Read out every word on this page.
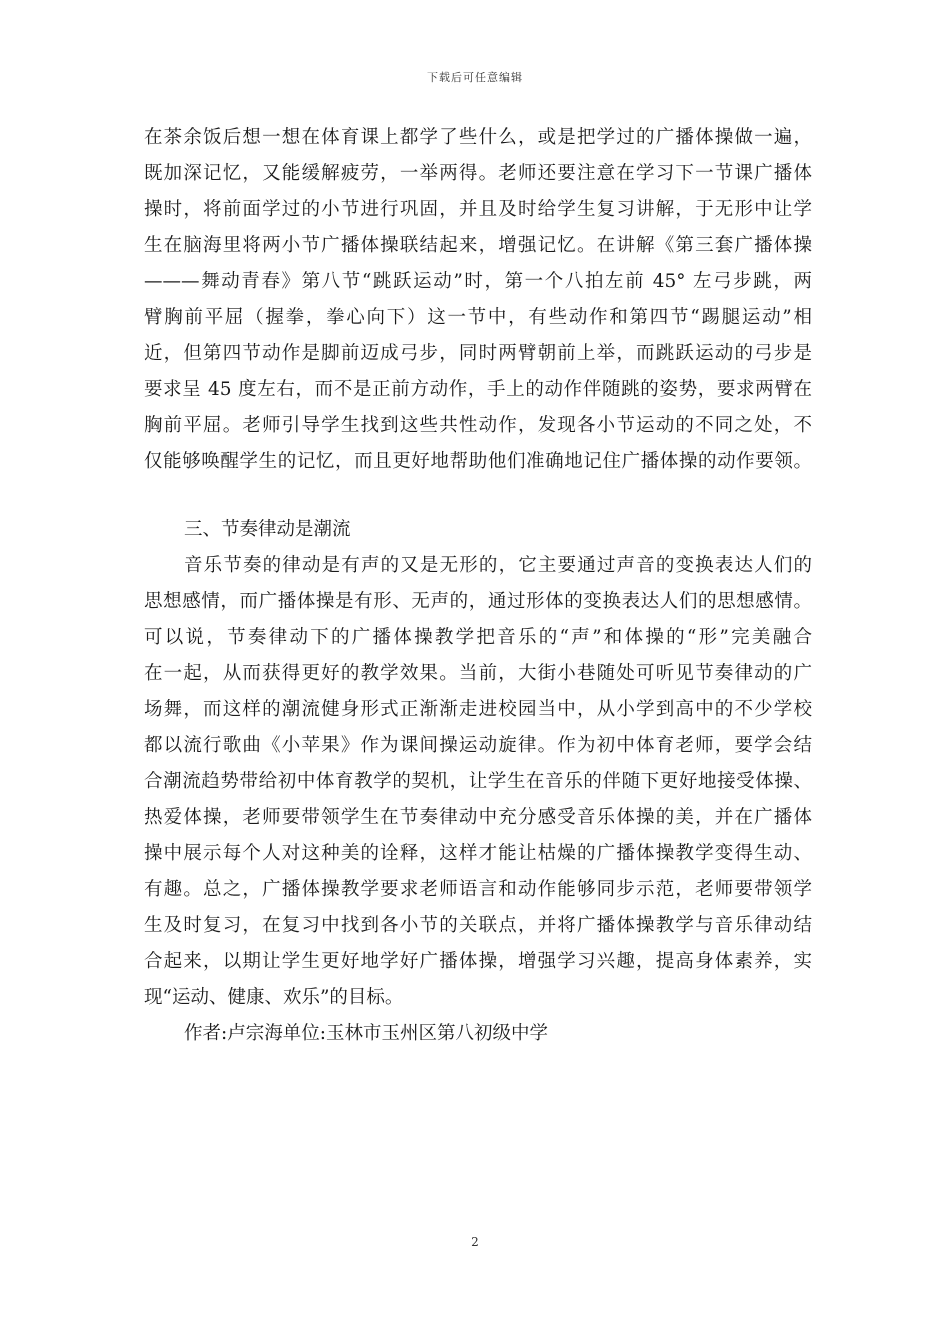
下载后可任意编辑

在茶余饭后想一想在体育课上都学了些什么，或是把学过的广播体操做一遍，

既加深记忆，又能缓解疲劳，一举两得。老师还要注意在学习下一节课广播体

操时，将前面学过的小节进行巩固，并且及时给学生复习讲解，于无形中让学

生在脑海里将两小节广播体操联结起来，增强记忆。在讲解《第三套广播体操

———舞动青春》第八节“跳跃运动”时，第一个八拍左前 45° 左弓步跳，两

臂胸前平屈（握拳，拳心向下）这一节中，有些动作和第四节“踢腿运动”相

近，但第四节动作是脚前迈成弓步，同时两臂朝前上举，而跳跃运动的弓步是

要求呈 45 度左右，而不是正前方动作，手上的动作伴随跳的姿势，要求两臂在

胸前平屈。老师引导学生找到这些共性动作，发现各小节运动的不同之处，不

仅能够唤醒学生的记忆，而且更好地帮助他们准确地记住广播体操的动作要领。

三、节奏律动是潮流

音乐节奏的律动是有声的又是无形的，它主要通过声音的变换表达人们的

思想感情，而广播体操是有形、无声的，通过形体的变换表达人们的思想感情。

可以说，节奏律动下的广播体操教学把音乐的“声”和体操的“形”完美融合

在一起，从而获得更好的教学效果。当前，大街小巷随处可听见节奏律动的广

场舞，而这样的潮流健身形式正渐渐走进校园当中，从小学到高中的不少学校

都以流行歌曲《小苹果》作为课间操运动旋律。作为初中体育老师，要学会结

合潮流趋势带给初中体育教学的契机，让学生在音乐的伴随下更好地接受体操、

热爱体操，老师要带领学生在节奏律动中充分感受音乐体操的美，并在广播体

操中展示每个人对这种美的诠释，这样才能让枯燥的广播体操教学变得生动、

有趣。总之，广播体操教学要求老师语言和动作能够同步示范，老师要带领学

生及时复习，在复习中找到各小节的关联点，并将广播体操教学与音乐律动结

合起来，以期让学生更好地学好广播体操，增强学习兴趣，提高身体素养，实

现“运动、健康、欢乐”的目标。

作者:卢宗海单位:玉林市玉州区第八初级中学

2
